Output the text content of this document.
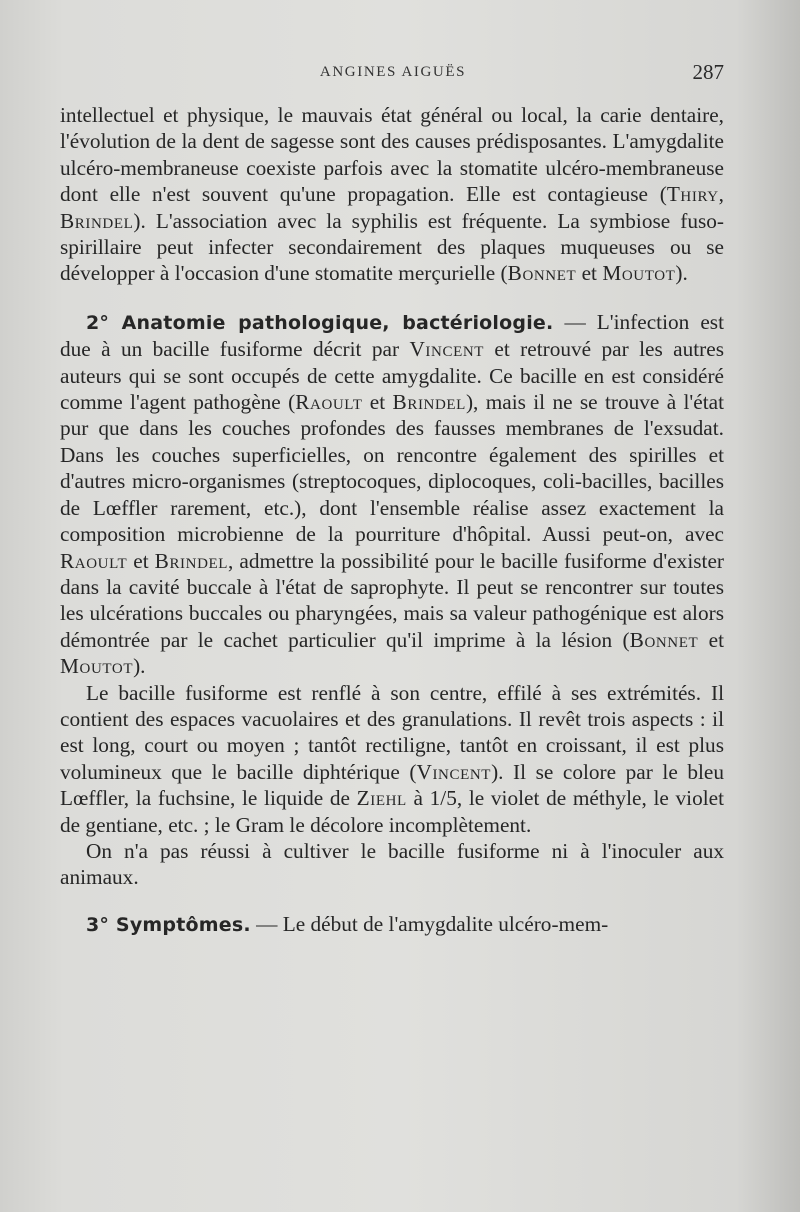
ANGINES AIGUËS	287

intellectuel et physique, le mauvais état général ou local, la carie dentaire, l'évolution de la dent de sagesse sont des causes prédisposantes. L'amygdalite ulcéro-membraneuse coexiste parfois avec la stomatite ulcéro-membraneuse dont elle n'est souvent qu'une propagation. Elle est contagieuse (Thiry, Brindel). L'association avec la syphilis est fréquente. La symbiose fuso-spirillaire peut infecter secondairement des plaques muqueuses ou se développer à l'occasion d'une stomatite merçurielle (Bonnet et Moutot).

2° Anatomie pathologique, bactériologie. — L'infection est due à un bacille fusiforme décrit par Vincent et retrouvé par les autres auteurs qui se sont occupés de cette amygdalite. Ce bacille en est considéré comme l'agent pathogène (Raoult et Brindel), mais il ne se trouve à l'état pur que dans les couches profondes des fausses membranes de l'exsudat. Dans les couches superficielles, on rencontre également des spirilles et d'autres micro-organismes (streptocoques, diplocoques, coli-bacilles, bacilles de Lœffler rarement, etc.), dont l'ensemble réalise assez exactement la composition microbienne de la pourriture d'hôpital. Aussi peut-on, avec Raoult et Brindel, admettre la possibilité pour le bacille fusiforme d'exister dans la cavité buccale à l'état de saprophyte. Il peut se rencontrer sur toutes les ulcérations buccales ou pharyngées, mais sa valeur pathogénique est alors démontrée par le cachet particulier qu'il imprime à la lésion (Bonnet et Moutot).

Le bacille fusiforme est renflé à son centre, effilé à ses extrémités. Il contient des espaces vacuolaires et des granulations. Il revêt trois aspects : il est long, court ou moyen ; tantôt rectiligne, tantôt en croissant, il est plus volumineux que le bacille diphtérique (Vincent). Il se colore par le bleu Lœffler, la fuchsine, le liquide de Ziehl à 1/5, le violet de méthyle, le violet de gentiane, etc. ; le Gram le décolore incomplètement.

On n'a pas réussi à cultiver le bacille fusiforme ni à l'inoculer aux animaux.

3° Symptômes. — Le début de l'amygdalite ulcéro-mem-
